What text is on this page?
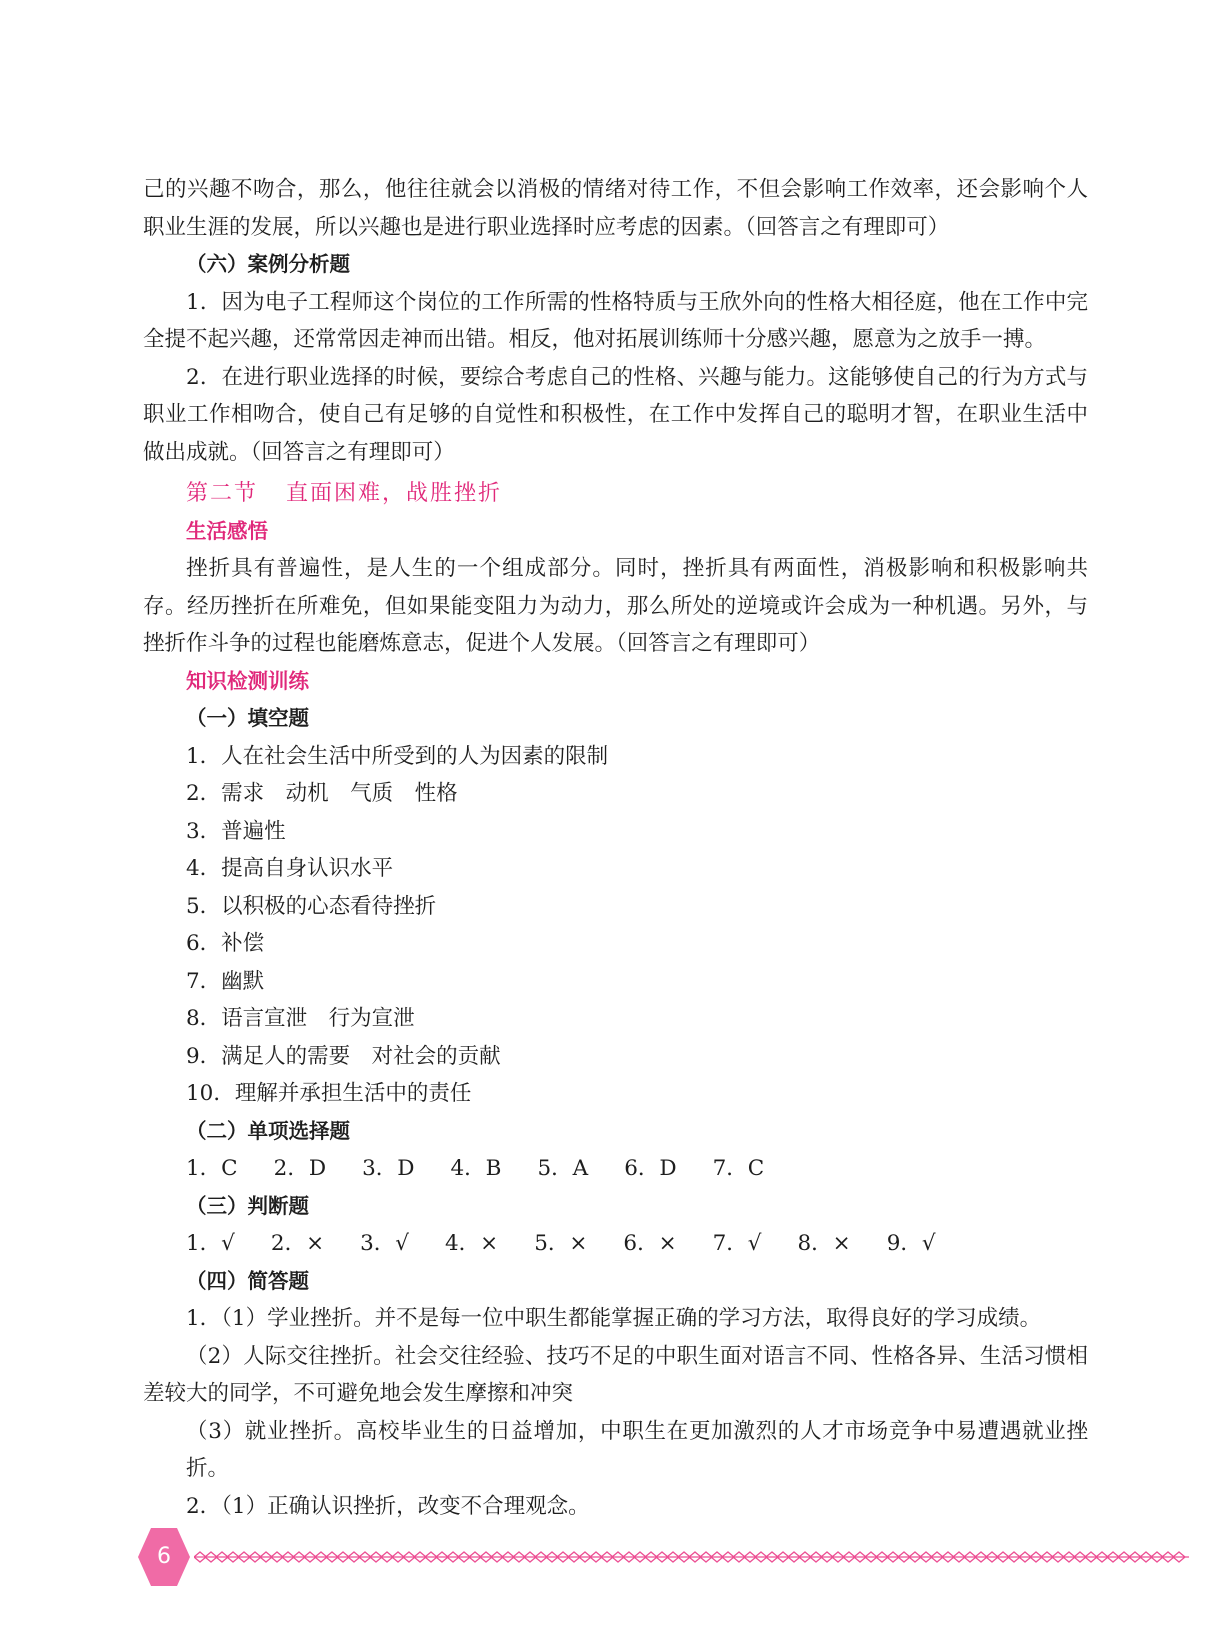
己的兴趣不吻合，那么，他往往就会以消极的情绪对待工作，不但会影响工作效率，还会影响个人职业生涯的发展，所以兴趣也是进行职业选择时应考虑的因素。（回答言之有理即可）

（六）案例分析题

1．因为电子工程师这个岗位的工作所需的性格特质与王欣外向的性格大相径庭，他在工作中完全提不起兴趣，还常常因走神而出错。相反，他对拓展训练师十分感兴趣，愿意为之放手一搏。

2．在进行职业选择的时候，要综合考虑自己的性格、兴趣与能力。这能够使自己的行为方式与职业工作相吻合，使自己有足够的自觉性和积极性，在工作中发挥自己的聪明才智，在职业生活中做出成就。（回答言之有理即可）

第二节 直面困难，战胜挫折

生活感悟

挫折具有普遍性，是人生的一个组成部分。同时，挫折具有两面性，消极影响和积极影响共存。经历挫折在所难免，但如果能变阻力为动力，那么所处的逆境或许会成为一种机遇。另外，与挫折作斗争的过程也能磨炼意志，促进个人发展。（回答言之有理即可）

知识检测训练

（一）填空题

1．人在社会生活中所受到的人为因素的限制

2．需求　动机　气质　性格

3．普遍性

4．提高自身认识水平

5．以积极的心态看待挫折

6．补偿

7．幽默

8．语言宣泄　行为宣泄

9．满足人的需要　对社会的贡献

10．理解并承担生活中的责任

（二）单项选择题

1．C 2．D 3．D 4．B 5．A 6．D 7．C

（三）判断题

1．√ 2．× 3．√ 4．× 5．× 6．× 7．√ 8．× 9．√

（四）简答题

1．（1）学业挫折。并不是每一位中职生都能掌握正确的学习方法，取得良好的学习成绩。

（2）人际交往挫折。社会交往经验、技巧不足的中职生面对语言不同、性格各异、生活习惯相差较大的同学，不可避免地会发生摩擦和冲突

（3）就业挫折。高校毕业生的日益增加，中职生在更加激烈的人才市场竞争中易遭遇就业挫折。

2．（1）正确认识挫折，改变不合理观念。

6
